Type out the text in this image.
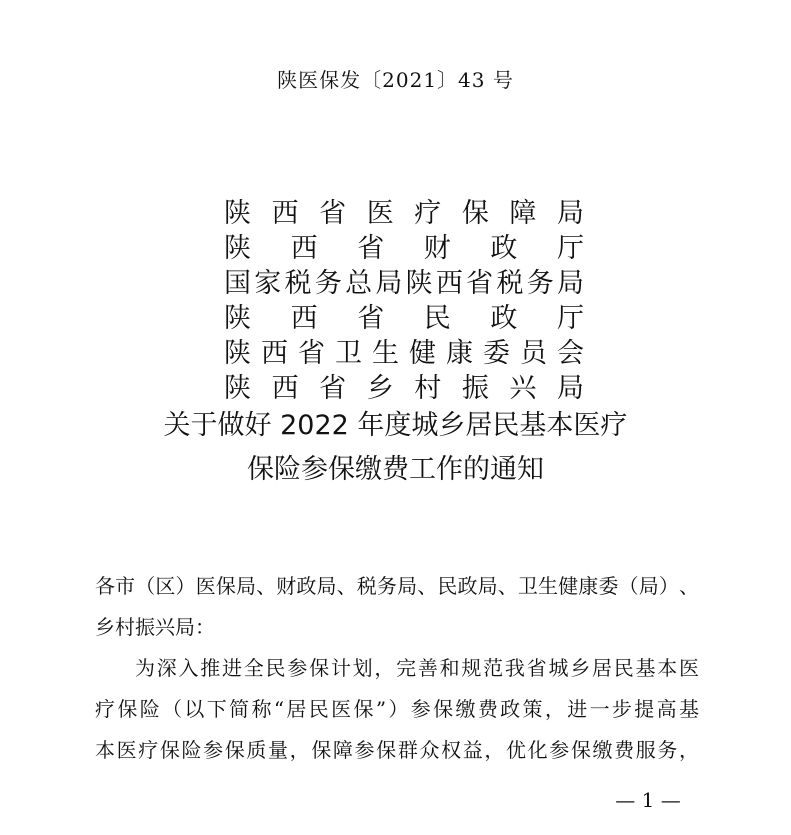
陕医保发〔2021〕43 号
陕​西​省​医​疗​保​障​局
陕​西​省​财​政​厅
国​家​税​务​总​局​陕​西​省​税​务​局
陕​西​省​民​政​厅
陕​西​省​卫​生​健​康​委​员​会
陕​西​省​乡​村​振​兴​局
关于做好 2022 年度城乡居民基本医疗
保险参保缴费工作的通知
各​市​（​区​）​医​保​局​、​财​政​局​、​税​务​局​、​民​政​局​、​卫​生​健​康​委​（​局​）​、
乡​村​振​兴​局​：
为​深​入​推​进​全​民​参​保​计​划​，​完​善​和​规​范​我​省​城​乡​居​民​基​本​医
疗​保​险​（​以​下​简​称​“​居​民​医​保​”​）​参​保​缴​费​政​策​，​进​一​步​提​高​基
本​医​疗​保​险​参​保​质​量​，​保​障​参​保​群​众​权​益​，​优​化​参​保​缴​费​服​务​，
— 1 —
